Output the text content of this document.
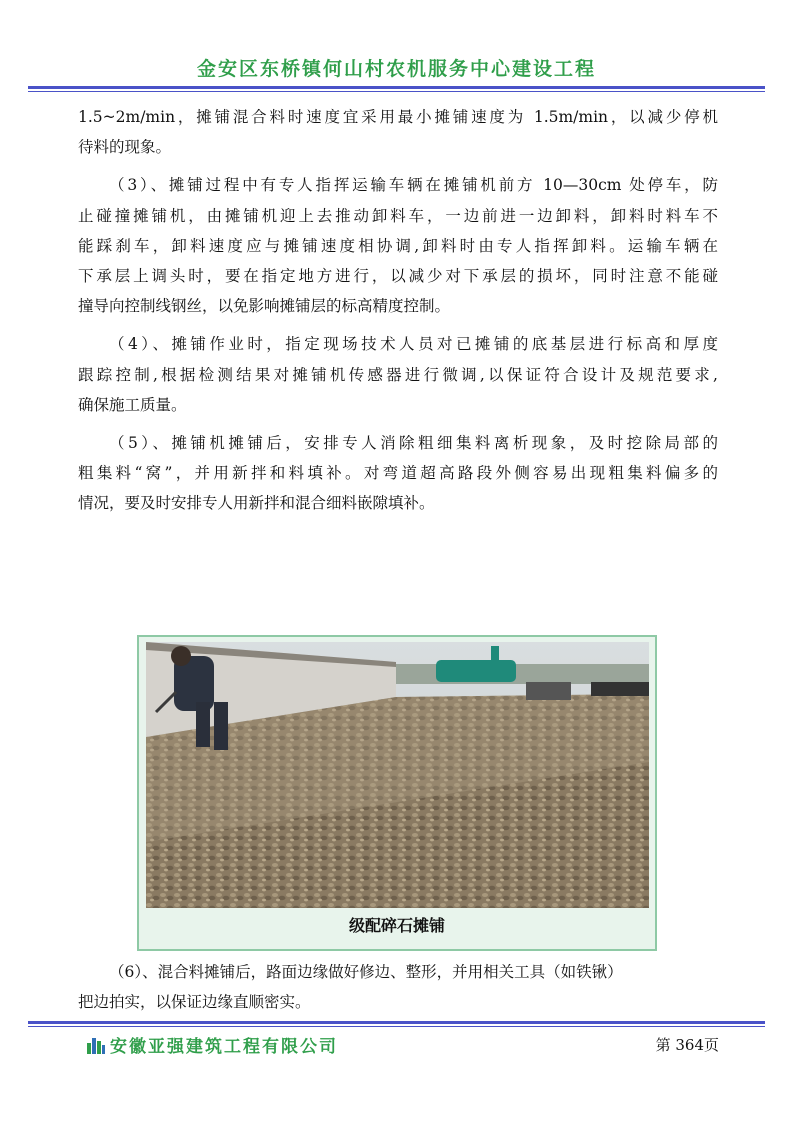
金安区东桥镇何山村农机服务中心建设工程

1.5~2m/min，摊铺混合料时速度宜采用最小摊铺速度为 1.5m/min，以减少停机

待料的现象。

（3）、摊铺过程中有专人指挥运输车辆在摊铺机前方 10—30cm 处停车，防

止碰撞摊铺机，由摊铺机迎上去推动卸料车，一边前进一边卸料，卸料时料车不

能踩刹车，卸料速度应与摊铺速度相协调,卸料时由专人指挥卸料。运输车辆在

下承层上调头时，要在指定地方进行，以减少对下承层的损坏，同时注意不能碰

撞导向控制线钢丝，以免影响摊铺层的标高精度控制。

（4）、摊铺作业时，指定现场技术人员对已摊铺的底基层进行标高和厚度

跟踪控制,根据检测结果对摊铺机传感器进行微调,以保证符合设计及规范要求,

确保施工质量。

（5）、摊铺机摊铺后，安排专人消除粗细集料离析现象，及时挖除局部的

粗集料“窝”，并用新拌和料填补。对弯道超高路段外侧容易出现粗集料偏多的

情况，要及时安排专人用新拌和混合细料嵌隙填补。

级配碎石摊铺

（6）、混合料摊铺后，路面边缘做好修边、整形，并用相关工具（如铁锹）

把边拍实，以保证边缘直顺密实。

安徽亚强建筑工程有限公司	第 364页
